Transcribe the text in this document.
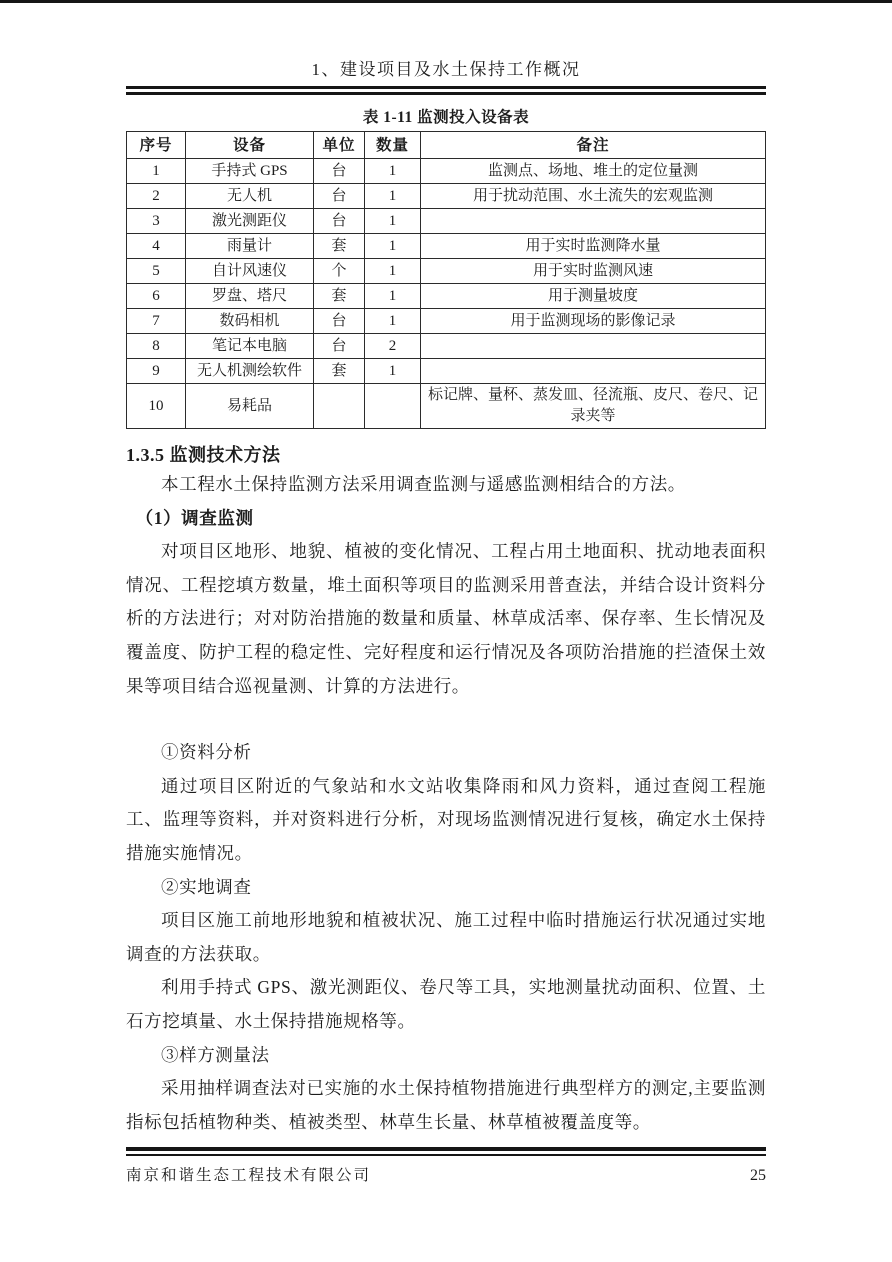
1、建设项目及水土保持工作概况
表 1-11 监测投入设备表
序号	设备	单位	数量	备注
1	手持式 GPS	台	1	监测点、场地、堆土的定位量测
2	无人机	台	1	用于扰动范围、水土流失的宏观监测
3	激光测距仪	台	1	
4	雨量计	套	1	用于实时监测降水量
5	自计风速仪	个	1	用于实时监测风速
6	罗盘、塔尺	套	1	用于测量坡度
7	数码相机	台	1	用于监测现场的影像记录
8	笔记本电脑	台	2	
9	无人机测绘软件	套	1	
10	易耗品			标记牌、量杯、蒸发皿、径流瓶、皮尺、卷尺、记录夹等
1.3.5 监测技术方法

本工程水土保持监测方法采用调查监测与遥感监测相结合的方法。

（1）调查监测

对项目区地形、地貌、植被的变化情况、工程占用土地面积、扰动地表面积情况、工程挖填方数量，堆土面积等项目的监测采用普查法，并结合设计资料分析的方法进行；对对防治措施的数量和质量、林草成活率、保存率、生长情况及覆盖度、防护工程的稳定性、完好程度和运行情况及各项防治措施的拦渣保土效果等项目结合巡视量测、计算的方法进行。

①资料分析

通过项目区附近的气象站和水文站收集降雨和风力资料，通过查阅工程施工、监理等资料，并对资料进行分析，对现场监测情况进行复核，确定水土保持措施实施情况。

②实地调查

项目区施工前地形地貌和植被状况、施工过程中临时措施运行状况通过实地调查的方法获取。

利用手持式 GPS、激光测距仪、卷尺等工具，实地测量扰动面积、位置、土石方挖填量、水土保持措施规格等。

③样方测量法

采用抽样调查法对已实施的水土保持植物措施进行典型样方的测定,主要监测指标包括植物种类、植被类型、林草生长量、林草植被覆盖度等。

南京和谐生态工程技术有限公司	25
